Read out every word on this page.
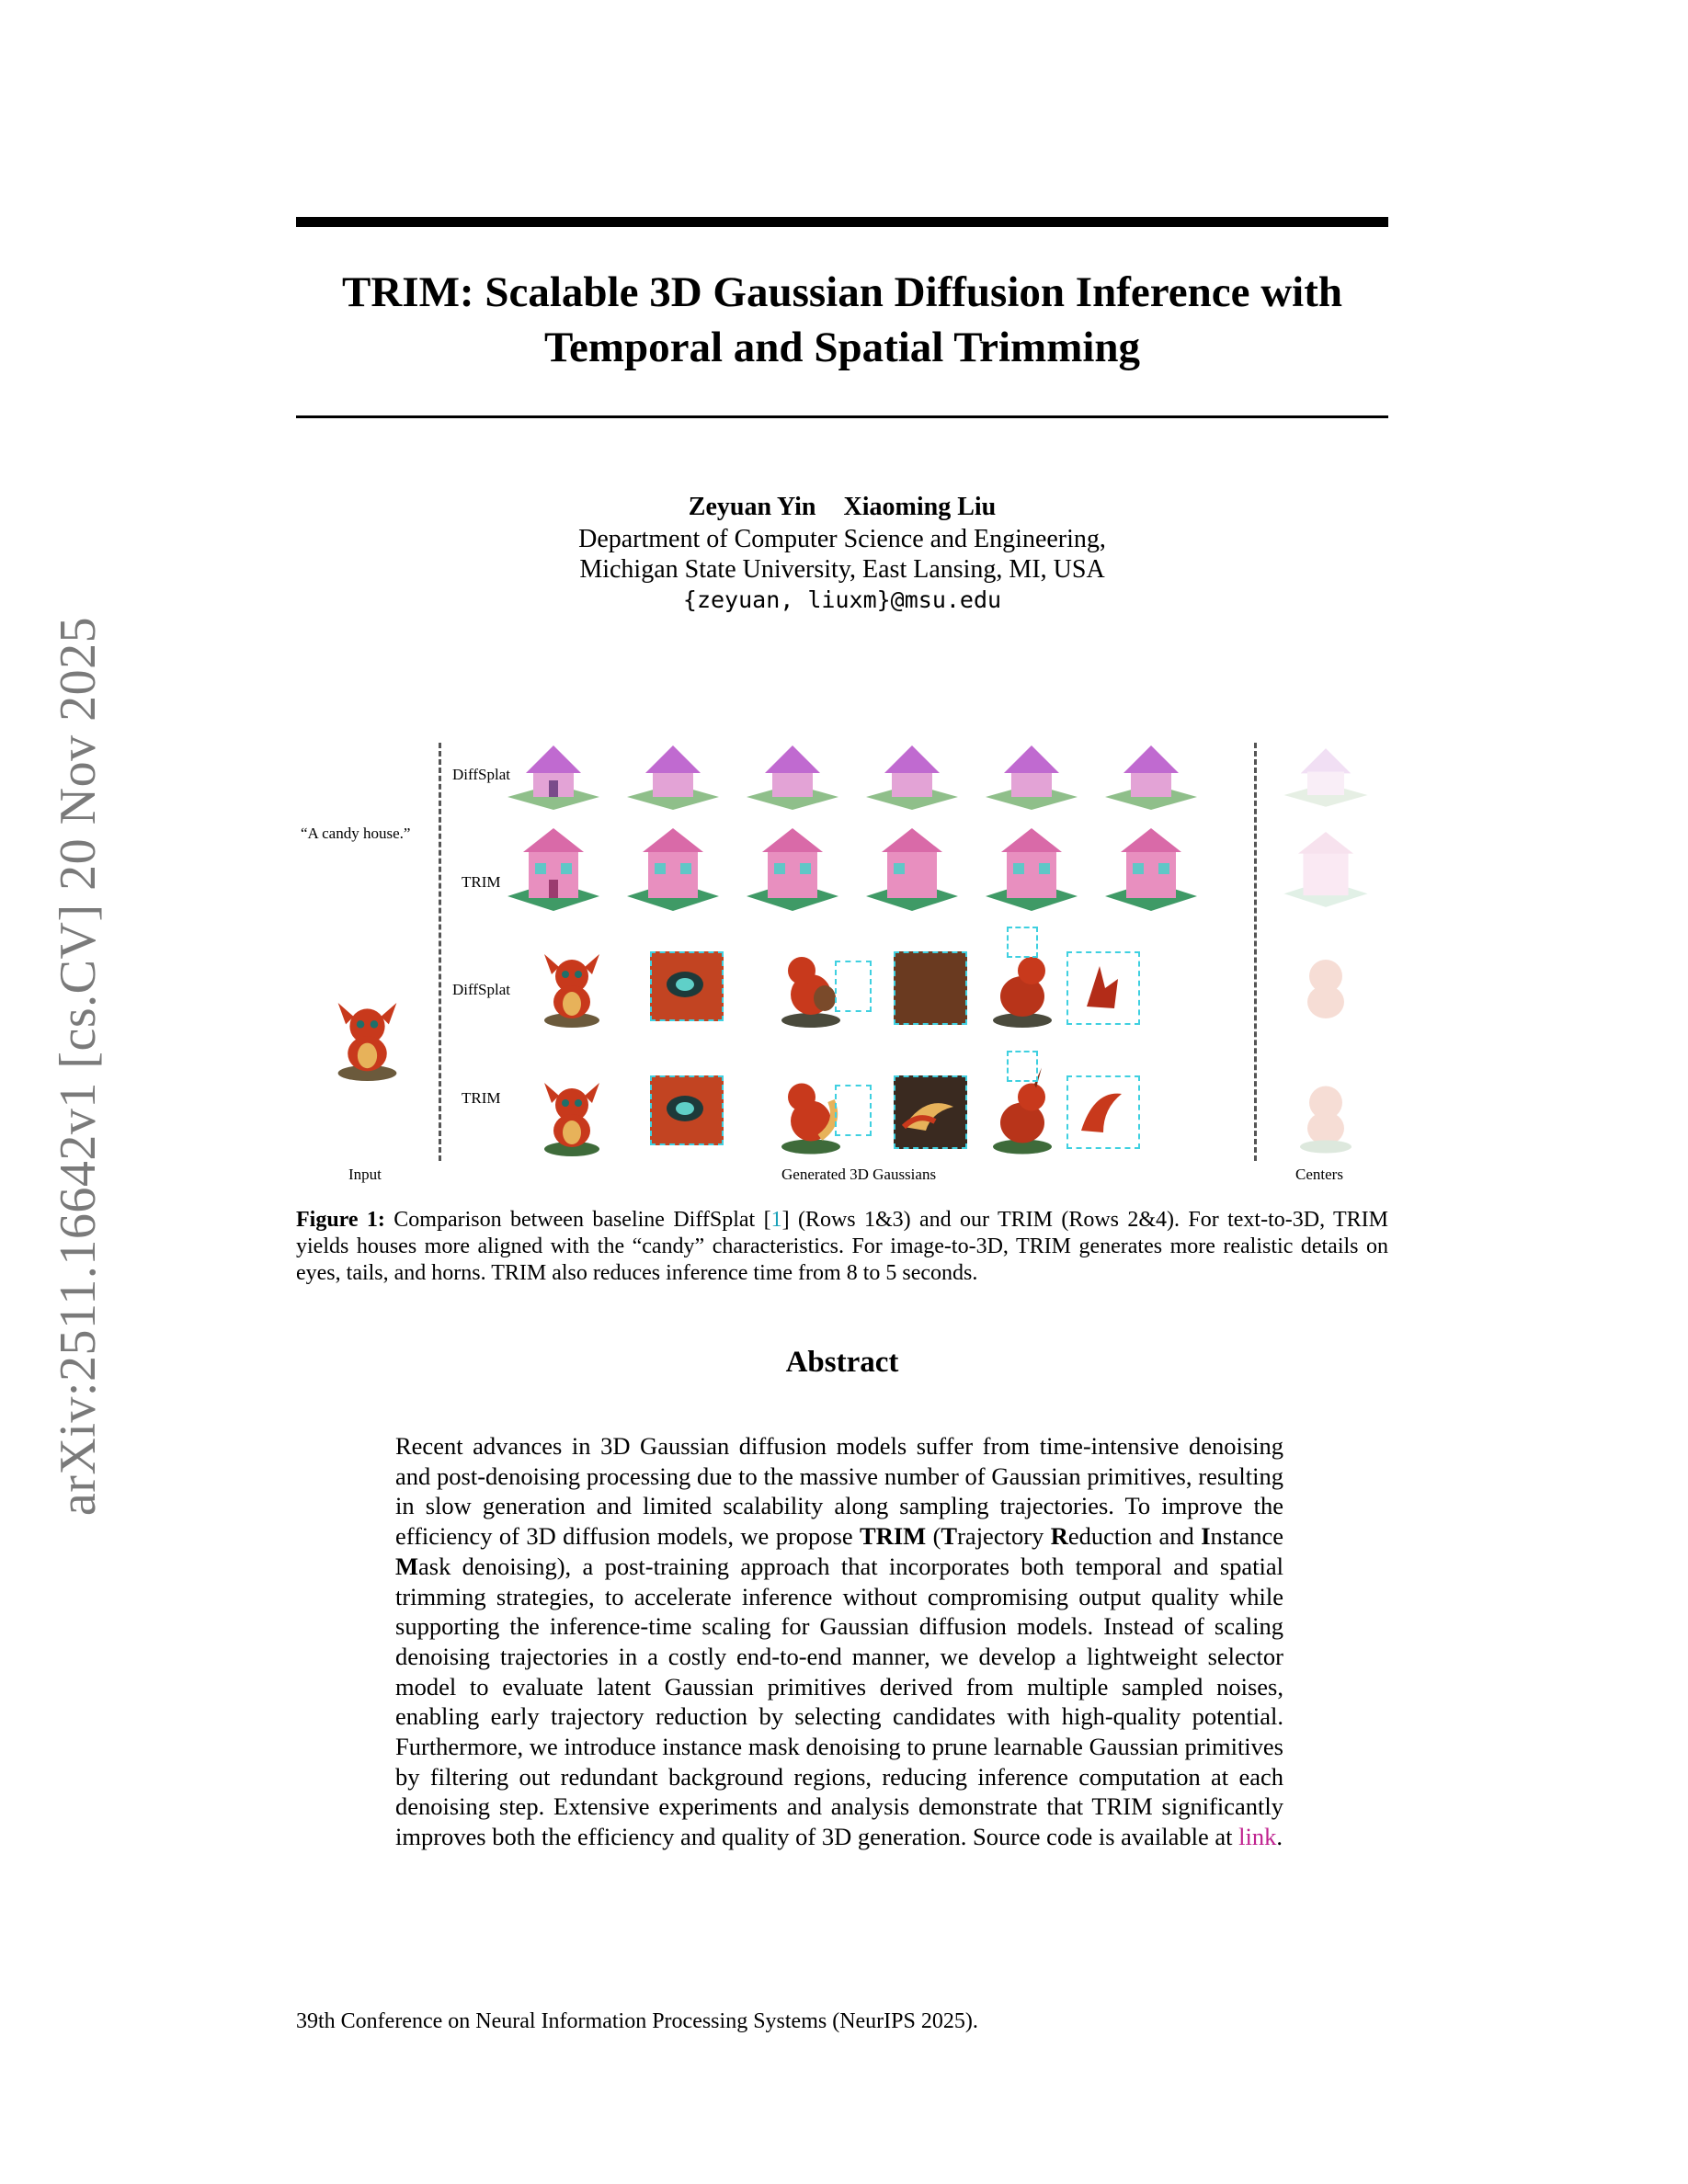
arXiv:2511.16642v1 [cs.CV] 20 Nov 2025
TRIM: Scalable 3D Gaussian Diffusion Inference with
Temporal and Spatial Trimming
Zeyuan Yin Xiaoming Liu
Department of Computer Science and Engineering,
Michigan State University, East Lansing, MI, USA
{zeyuan, liuxm}@msu.edu
“A candy house.”
DiffSplat
TRIM
DiffSplat
TRIM
Input	Generated 3D Gaussians	Centers
Figure 1: Comparison between baseline DiffSplat [1] (Rows 1&3) and our TRIM (Rows 2&4). For text-to-3D, TRIM yields houses more aligned with the “candy” characteristics. For image-to-3D, TRIM generates more realistic details on eyes, tails, and horns. TRIM also reduces inference time from 8 to 5 seconds.
Abstract
Recent advances in 3D Gaussian diffusion models suffer from time-intensive denoising and post-denoising processing due to the massive number of Gaussian primitives, resulting in slow generation and limited scalability along sampling trajectories. To improve the efficiency of 3D diffusion models, we propose TRIM (Trajectory Reduction and Instance Mask denoising), a post-training approach that incorporates both temporal and spatial trimming strategies, to accelerate inference without compromising output quality while supporting the inference-time scaling for Gaussian diffusion models. Instead of scaling denoising trajectories in a costly end-to-end manner, we develop a lightweight selector model to evaluate latent Gaussian primitives derived from multiple sampled noises, enabling early trajectory reduction by selecting candidates with high-quality potential. Furthermore, we introduce instance mask denoising to prune learnable Gaussian primitives by filtering out redundant background regions, reducing inference computation at each denoising step. Extensive experiments and analysis demonstrate that TRIM significantly improves both the efficiency and quality of 3D generation. Source code is available at link.
39th Conference on Neural Information Processing Systems (NeurIPS 2025).
